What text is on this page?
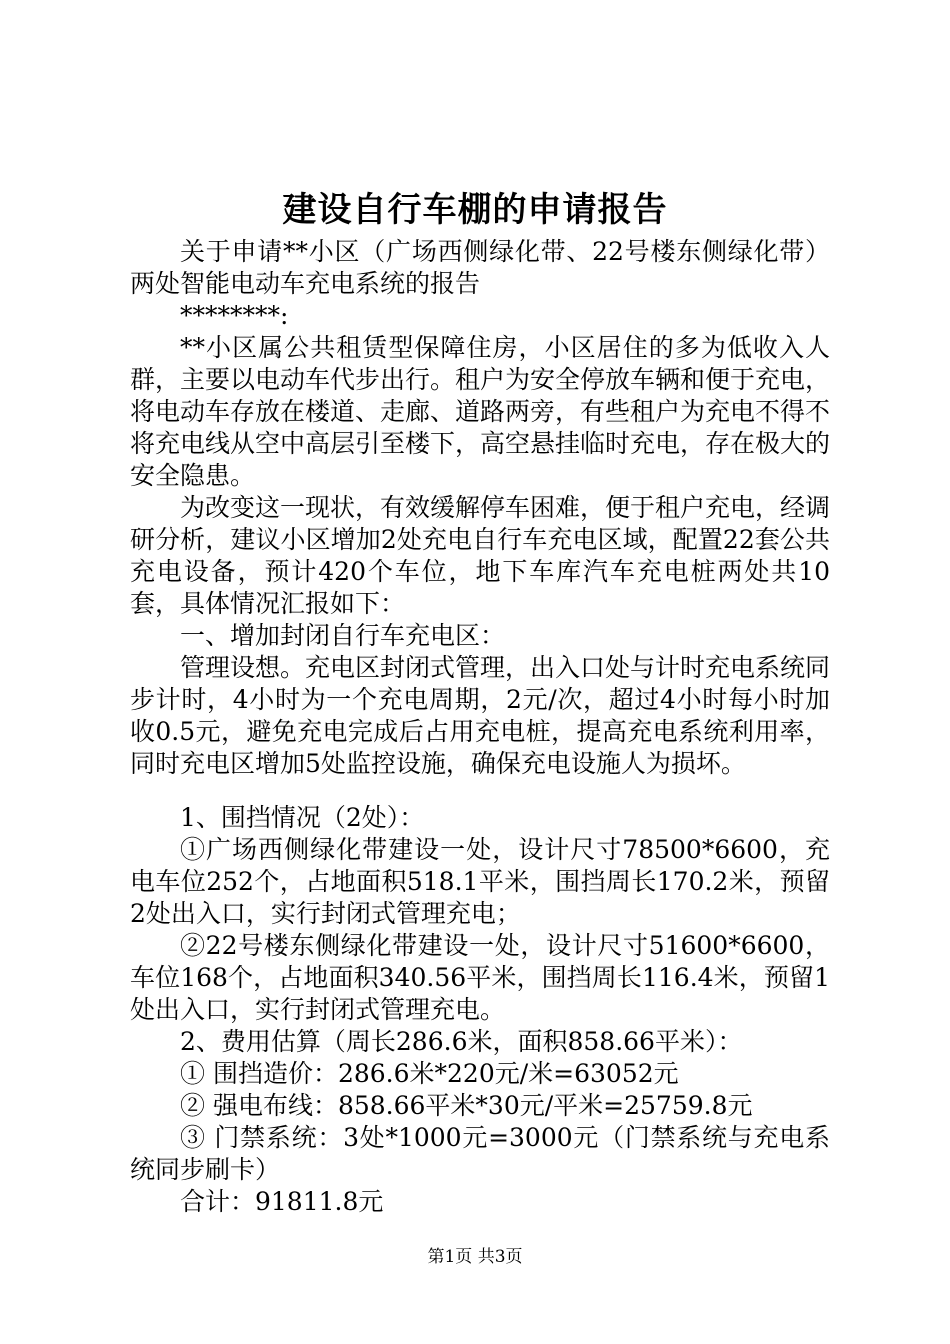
建设自行车棚的申请报告

关于申请**小区（广场西侧绿化带、22号楼东侧绿化带）两处智能电动车充电系统的报告

********:

**小区属公共租赁型保障住房，小区居住的多为低收入人群，主要以电动车代步出行。租户为安全停放车辆和便于充电，将电动车存放在楼道、走廊、道路两旁，有些租户为充电不得不将充电线从空中高层引至楼下，高空悬挂临时充电，存在极大的安全隐患。

为改变这一现状，有效缓解停车困难，便于租户充电，经调研分析，建议小区增加2处充电自行车充电区域，配置22套公共充电设备，预计420个车位，地下车库汽车充电桩两处共10套，具体情况汇报如下：

一、增加封闭自行车充电区：

管理设想。充电区封闭式管理，出入口处与计时充电系统同步计时，4小时为一个充电周期，2元/次，超过4小时每小时加收0.5元，避免充电完成后占用充电桩，提高充电系统利用率，同时充电区增加5处监控设施，确保充电设施人为损坏。

1、围挡情况（2处）：

①广场西侧绿化带建设一处，设计尺寸78500*6600，充电车位252个，占地面积518.1平米，围挡周长170.2米，预留2处出入口，实行封闭式管理充电；

②22号楼东侧绿化带建设一处，设计尺寸51600*6600，车位168个，占地面积340.56平米，围挡周长116.4米，预留1处出入口，实行封闭式管理充电。

2、费用估算（周长286.6米，面积858.66平米）：

① 围挡造价：286.6米*220元/米=63052元

② 强电布线：858.66平米*30元/平米=25759.8元

③ 门禁系统：3处*1000元=3000元（门禁系统与充电系统同步刷卡）

合计：91811.8元

第1页 共3页
